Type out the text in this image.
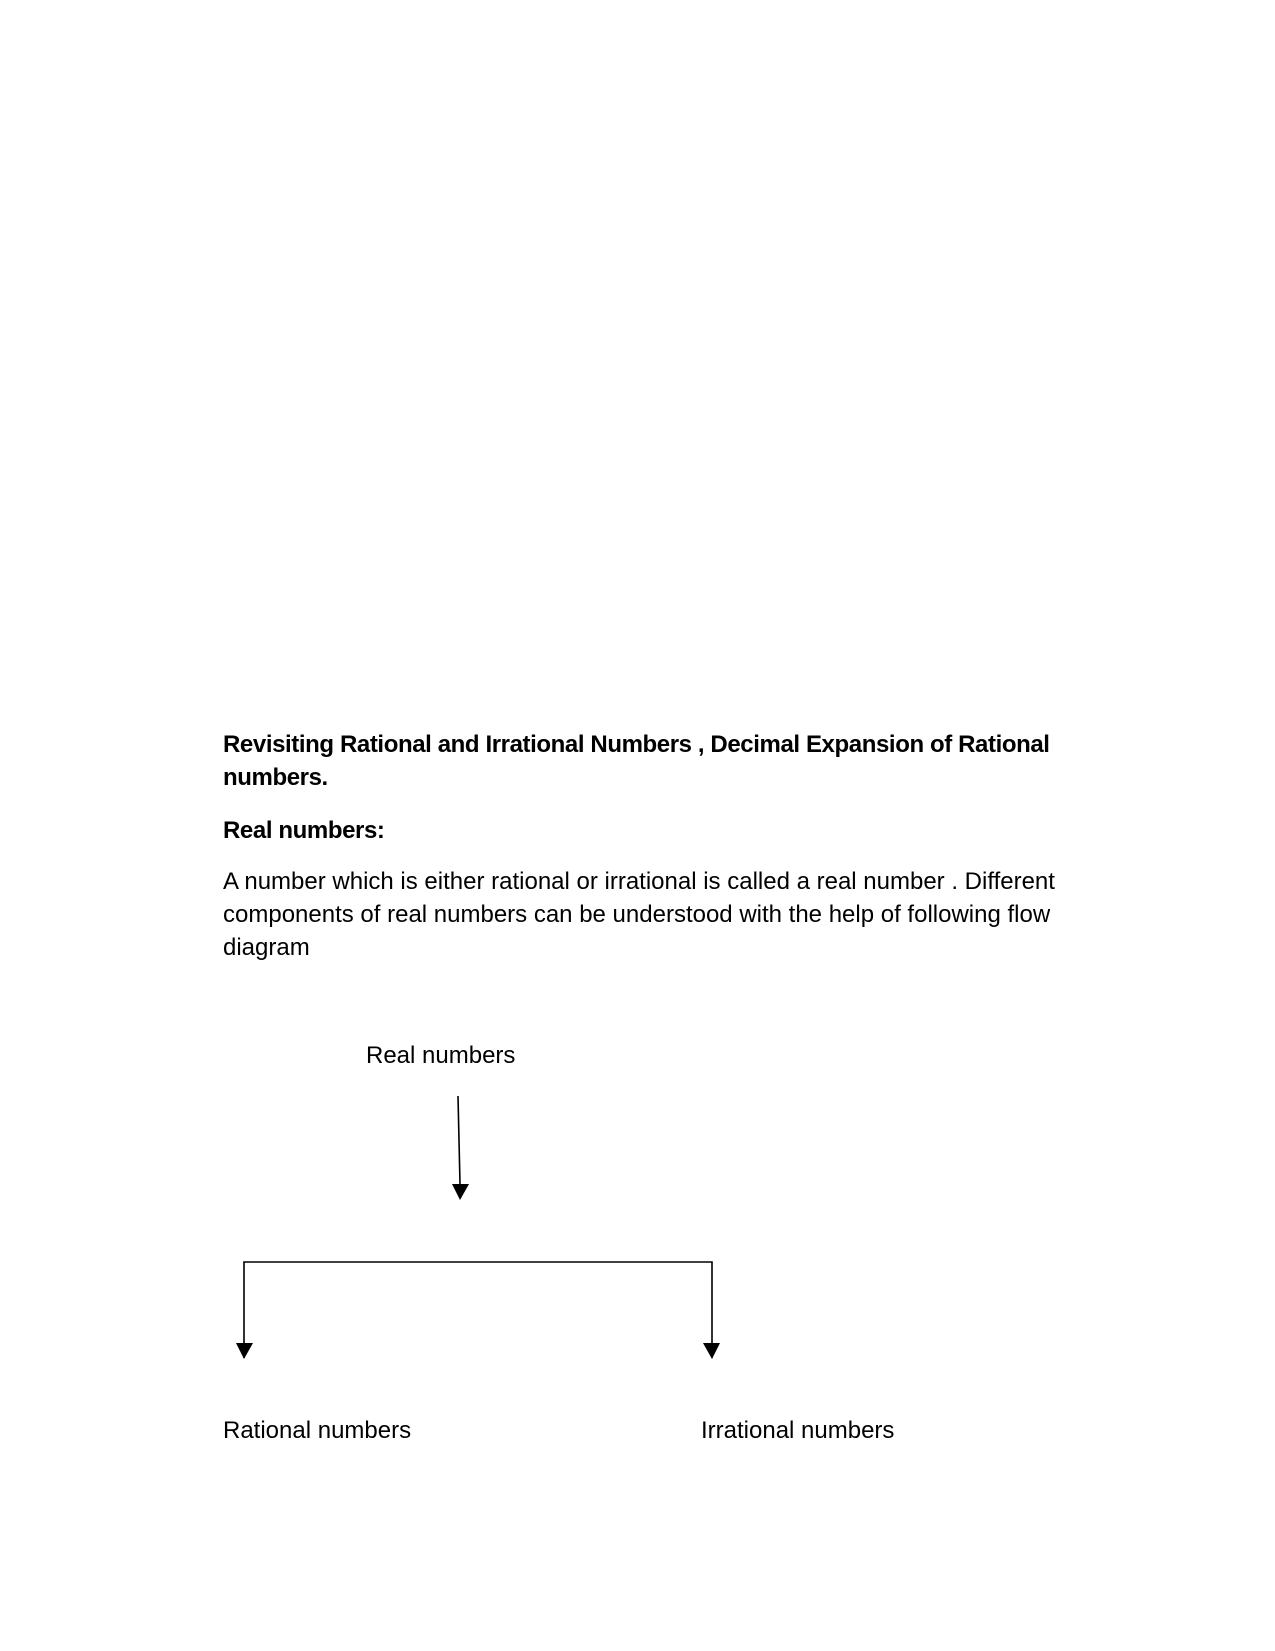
Revisiting Rational and Irrational Numbers , Decimal Expansion of Rational numbers.
Real numbers:
A number which is either rational or irrational is called a real number . Different components of real numbers can be understood with the help of following flow diagram
Real numbers
Rational numbers	Irrational numbers
